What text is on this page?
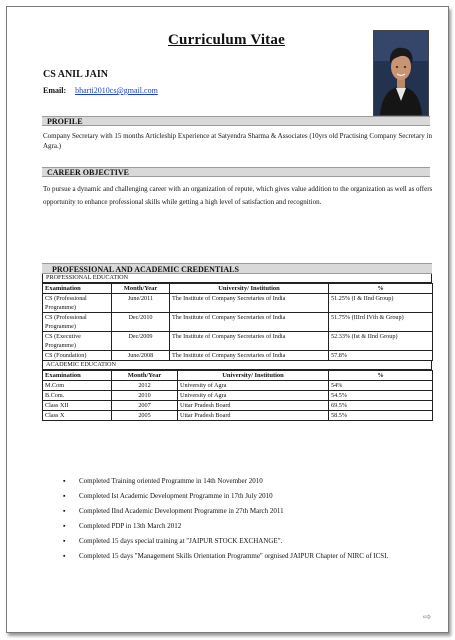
Curriculum Vitae
CS ANIL JAIN
Email: bharti2010cs@gmail.com
PROFILE
Company Secretary with 15 months Articleship Experience at Satyendra Sharma & Associates (10yrs old Practising Company Secretary in Agra.)
CAREER OBJECTIVE
To pursue a dynamic and challenging career with an organization of repute, which gives value addition to the organization as well as offers opportunity to enhance professional skills while getting a high level of satisfaction and recognition.
PROFESSIONAL AND ACADEMIC CREDENTIALS
PROFESSIONAL EDUCATION
Examination	Month/Year	University/ Institution	%
CS (Professional Programme)	June/2011	The Institute of Company Secretaries of India	51.25% (I & IInd Group)
CS (Professional Programme)	Dec/2010	The Institute of Company Secretaries of India	51.75% (IIIrd IVth & Group)
CS (Executive Programme)	Dec/2009	The Institute of Company Secretaries of India	52.33% (Ist & IInd Group)
CS (Foundation)	June/2008	The Institute of Company Secretaries of India	57.8%
ACADEMIC EDUCATION
Examination	Month/Year	University/ Institution	%
M.Com	2012	University of Agra	54%
B.Com.	2010	University of Agra	54.5%
Class XII	2007	Uttar Pradesh Board	69.5%
Class X	2005	Uttar Pradesh Board	58.5%
▪ Completed Training oriented Programme in 14th November 2010
▪ Completed Ist Academic Development Programme in 17th July 2010
▪ Completed IInd Academic Development Programme in 27th March 2011
▪ Completed PDP in 13th March 2012
▪ Completed 15 days special training at "JAIPUR STOCK EXCHANGE".
▪ Completed 15 days "Management Skills Orientation Programme" orgnised JAIPUR Chapter of NIRC of ICSI.
⇨
